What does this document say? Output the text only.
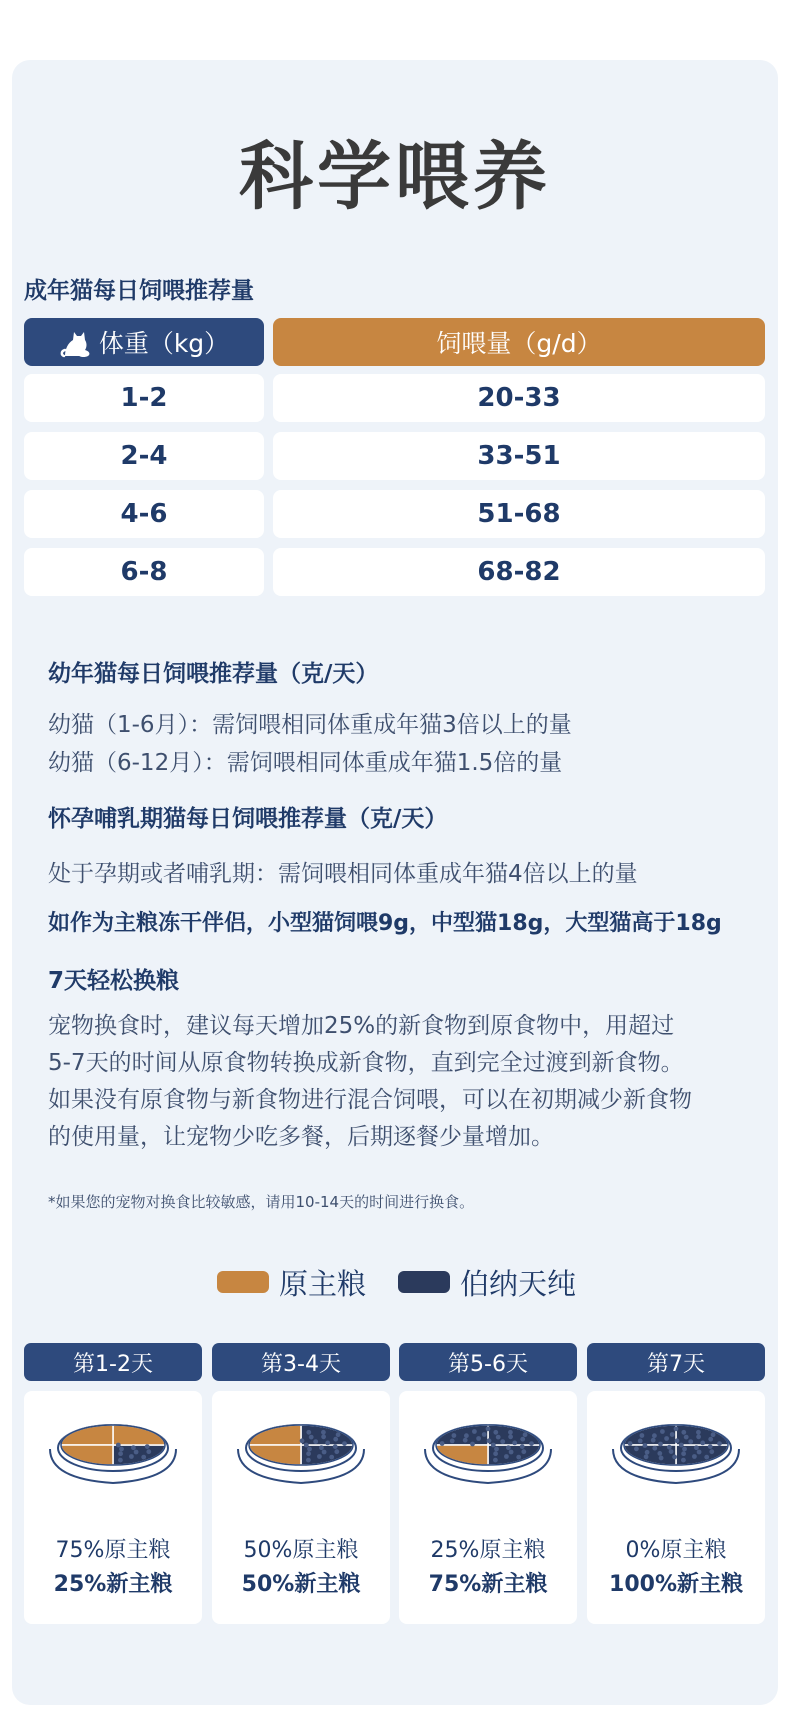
科学喂养
成年猫每日饲喂推荐量
体重（kg）	饲喂量（g/d）
1-2	20-33
2-4	33-51
4-6	51-68
6-8	68-82
幼年猫每日饲喂推荐量（克/天）
幼猫（1-6月）：需饲喂相同体重成年猫3倍以上的量
幼猫（6-12月）：需饲喂相同体重成年猫1.5倍的量
怀孕哺乳期猫每日饲喂推荐量（克/天）
处于孕期或者哺乳期：需饲喂相同体重成年猫4倍以上的量
如作为主粮冻干伴侣，小型猫饲喂9g，中型猫18g，大型猫高于18g
7天轻松换粮
宠物换食时，建议每天增加25%的新食物到原食物中，用超过
5-7天的时间从原食物转换成新食物，直到完全过渡到新食物。
如果没有原食物与新食物进行混合饲喂，可以在初期减少新食物
的使用量，让宠物少吃多餐，后期逐餐少量增加。
*如果您的宠物对换食比较敏感，请用10-14天的时间进行换食。
原主粮	伯纳天纯
第1-2天	第3-4天	第5-6天	第7天
75%原主粮
25%新主粮
50%原主粮
50%新主粮
25%原主粮
75%新主粮
0%原主粮
100%新主粮
